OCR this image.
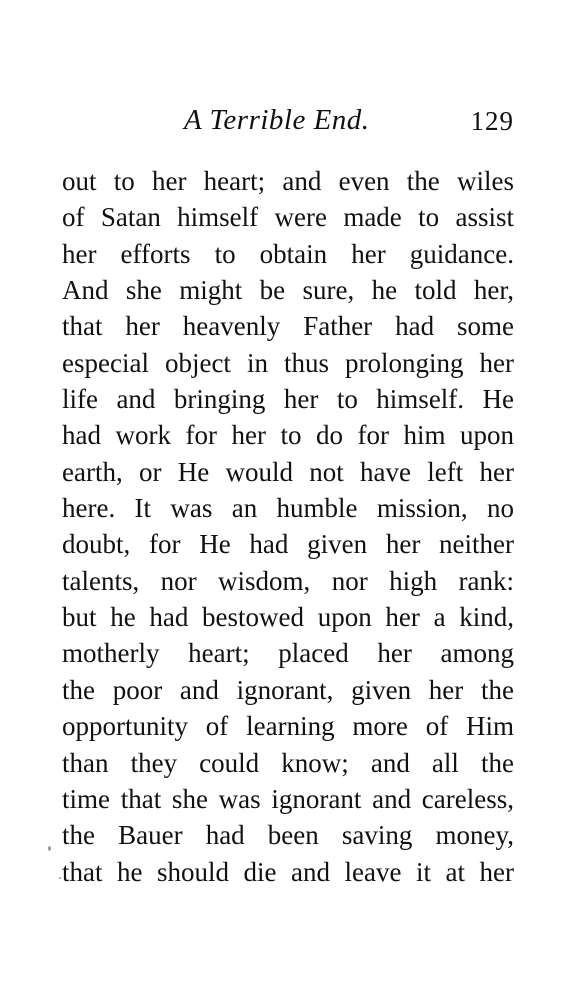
A Terrible End.	129
out to her heart; and even the wiles
of Satan himself were made to assist
her efforts to obtain her guidance.
And she might be sure, he told her,
that her heavenly Father had some
especial object in thus prolonging her
life and bringing her to himself. He
had work for her to do for him upon
earth, or He would not have left her
here. It was an humble mission, no
doubt, for He had given her neither
talents, nor wisdom, nor high rank:
but he had bestowed upon her a kind,
motherly heart; placed her among
the poor and ignorant, given her the
opportunity of learning more of Him
than they could know; and all the
time that she was ignorant and careless,
the Bauer had been saving money,
that he should die and leave it at her
